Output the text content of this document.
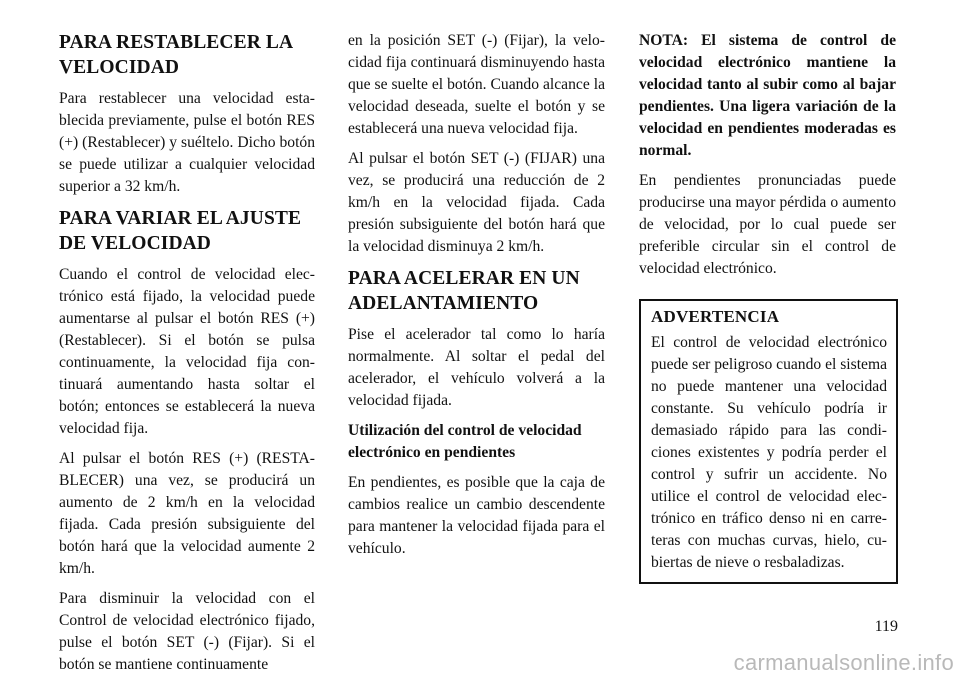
PARA RESTABLECER LA VELOCIDAD

Para restablecer una velocidad establecida previamente, pulse el botón RES (+) (Restablecer) y suéltelo. Dicho botón se puede utilizar a cualquier velocidad superior a 32 km/h.

PARA VARIAR EL AJUSTE DE VELOCIDAD

Cuando el control de velocidad electrónico está fijado, la velocidad puede aumentarse al pulsar el botón RES (+) (Restablecer). Si el botón se pulsa continuamente, la velocidad fija continuará aumentando hasta soltar el botón; entonces se establecerá la nueva velocidad fija.

Al pulsar el botón RES (+) (RESTABLECER) una vez, se producirá un aumento de 2 km/h en la velocidad fijada. Cada presión subsiguiente del botón hará que la velocidad aumente 2 km/h.

Para disminuir la velocidad con el Control de velocidad electrónico fijado, pulse el botón SET (-) (Fijar). Si el botón se mantiene continuamente

en la posición SET (-) (Fijar), la velocidad fija continuará disminuyendo hasta que se suelte el botón. Cuando alcance la velocidad deseada, suelte el botón y se establecerá una nueva velocidad fija.

Al pulsar el botón SET (-) (FIJAR) una vez, se producirá una reducción de 2 km/h en la velocidad fijada. Cada presión subsiguiente del botón hará que la velocidad disminuya 2 km/h.

PARA ACELERAR EN UN ADELANTAMIENTO

Pise el acelerador tal como lo haría normalmente. Al soltar el pedal del acelerador, el vehículo volverá a la velocidad fijada.

Utilización del control de velocidad electrónico en pendientes

En pendientes, es posible que la caja de cambios realice un cambio descendente para mantener la velocidad fijada para el vehículo.

NOTA: El sistema de control de velocidad electrónico mantiene la velocidad tanto al subir como al bajar pendientes. Una ligera variación de la velocidad en pendientes moderadas es normal.

En pendientes pronunciadas puede producirse una mayor pérdida o aumento de velocidad, por lo cual puede ser preferible circular sin el control de velocidad electrónico.

ADVERTENCIA

El control de velocidad electrónico puede ser peligroso cuando el sistema no puede mantener una velocidad constante. Su vehículo podría ir demasiado rápido para las condiciones existentes y podría perder el control y sufrir un accidente. No utilice el control de velocidad electrónico en tráfico denso ni en carreteras con muchas curvas, hielo, cubiertas de nieve o resbaladizas.

119
carmanualsonline.info
